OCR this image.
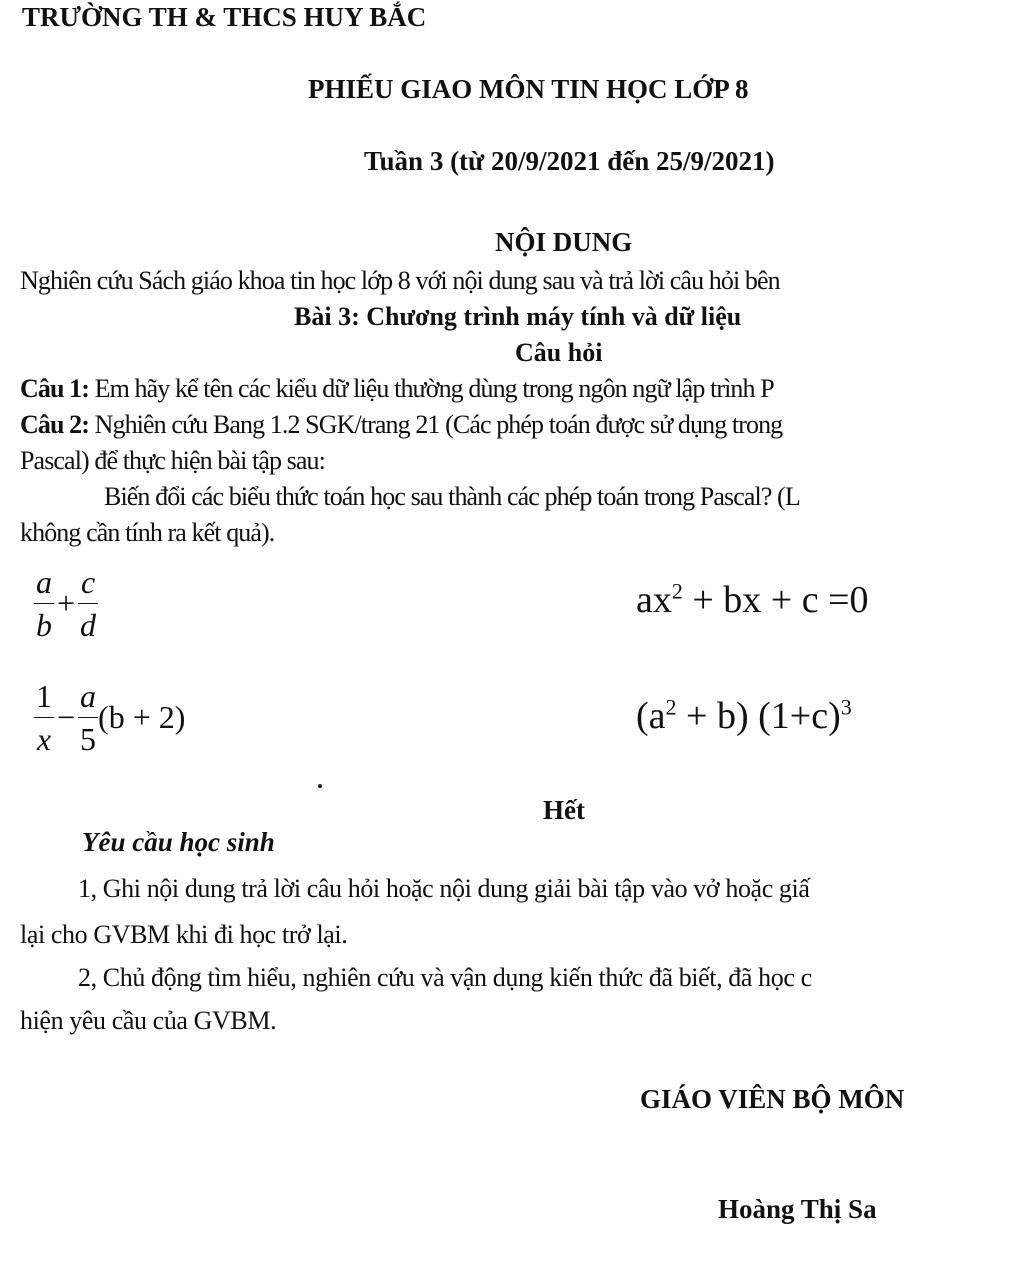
TRƯỜNG TH & THCS HUY BẮC
PHIẾU GIAO MÔN TIN HỌC LỚP 8
Tuần 3 (từ 20/9/2021 đến 25/9/2021)
NỘI DUNG
Nghiên cứu Sách giáo khoa tin học lớp 8 với nội dung sau và trả lời câu hỏi bên
Bài 3: Chương trình máy tính và dữ liệu
Câu hỏi
Câu 1: Em hãy kể tên các kiểu dữ liệu thường dùng trong ngôn ngữ lập trình P
Câu 2: Nghiên cứu Bang 1.2 SGK/trang 21 (Các phép toán được sử dụng trong
Pascal) để thực hiện bài tập sau:
Biến đổi các biểu thức toán học sau thành các phép toán trong Pascal? (L
không cần tính ra kết quả).
$\frac{a}{b} + \frac{c}{d}$	$ax^2$ + bx + c =0
$\frac{1}{x} - \frac{a}{5} (b + 2)$	$(a^2 + b)$ $(1+c)^3$
Hết
Yêu cầu học sinh
1, Ghi nội dung trả lời câu hỏi hoặc nội dung giải bài tập vào vở hoặc giấ
lại cho GVBM khi đi học trở lại.
2, Chủ động tìm hiểu, nghiên cứu và vận dụng kiến thức đã biết, đã học c
hiện yêu cầu của GVBM.
GIÁO VIÊN BỘ MÔN
Hoàng Thị Sa
